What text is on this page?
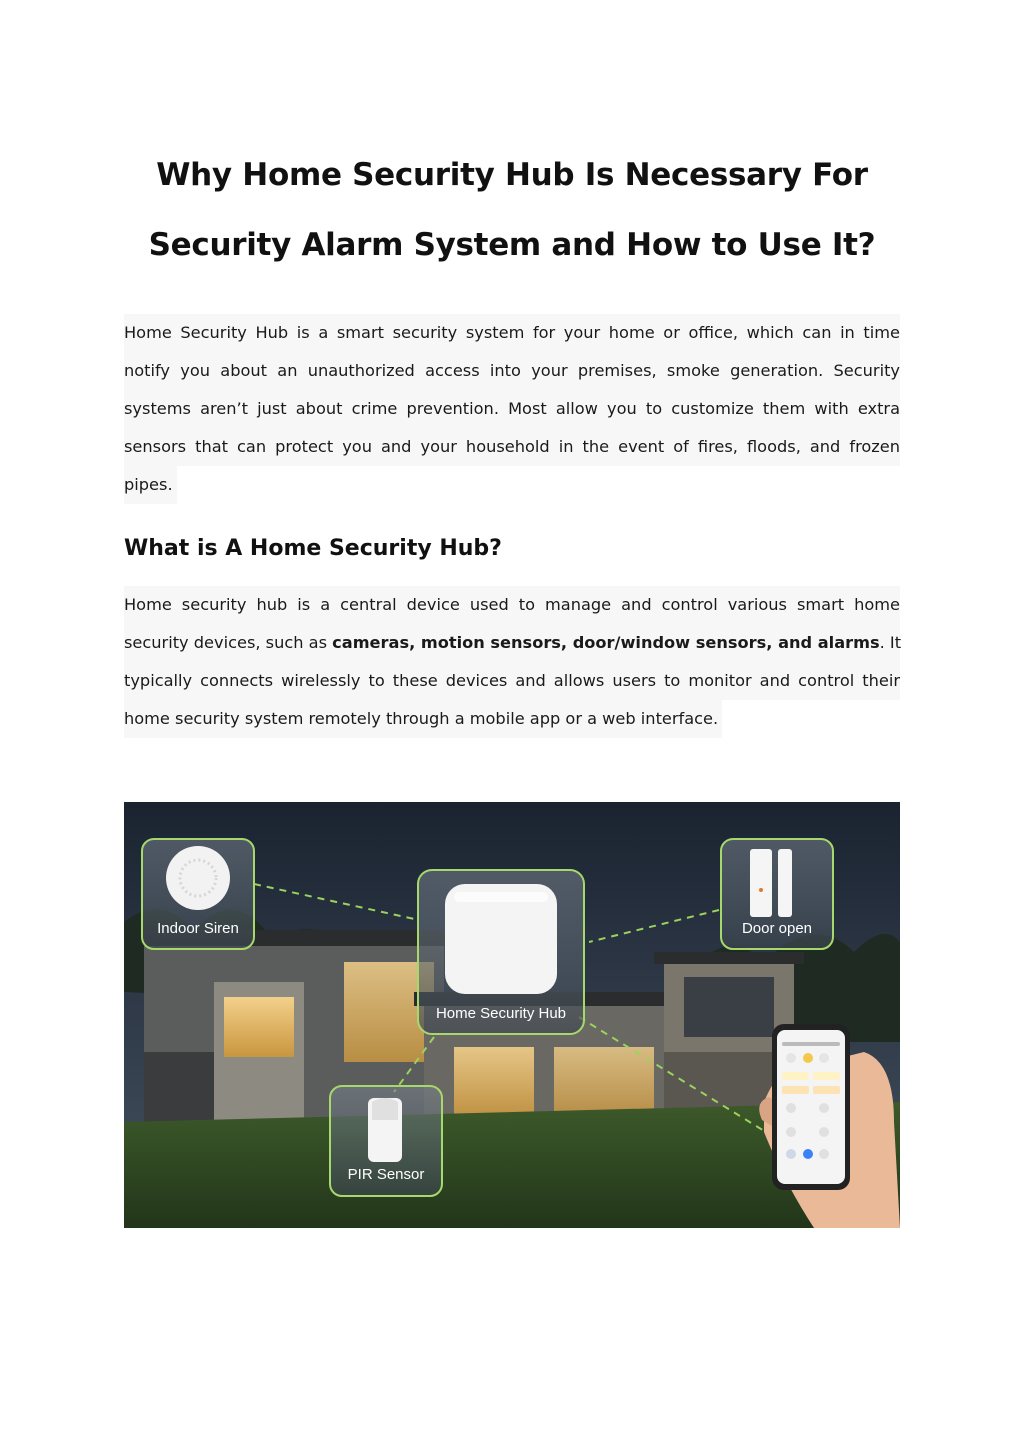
Why Home Security Hub Is Necessary For
Security Alarm System and How to Use It?
Home Security Hub is a smart security system for your home or office, which can in time
notify you about an unauthorized access into your premises, smoke generation. Security
systems aren’t just about crime prevention. Most allow you to customize them with extra
sensors that can protect you and your household in the event of fires, floods, and frozen
pipes.
What is A Home Security Hub?
Home security hub is a central device used to manage and control various smart home
security devices, such as cameras, motion sensors, door/window sensors, and alarms. It
typically connects wirelessly to these devices and allows users to monitor and control their
home security system remotely through a mobile app or a web interface.
Indoor Siren
Home Security Hub
Door open
PIR Sensor
